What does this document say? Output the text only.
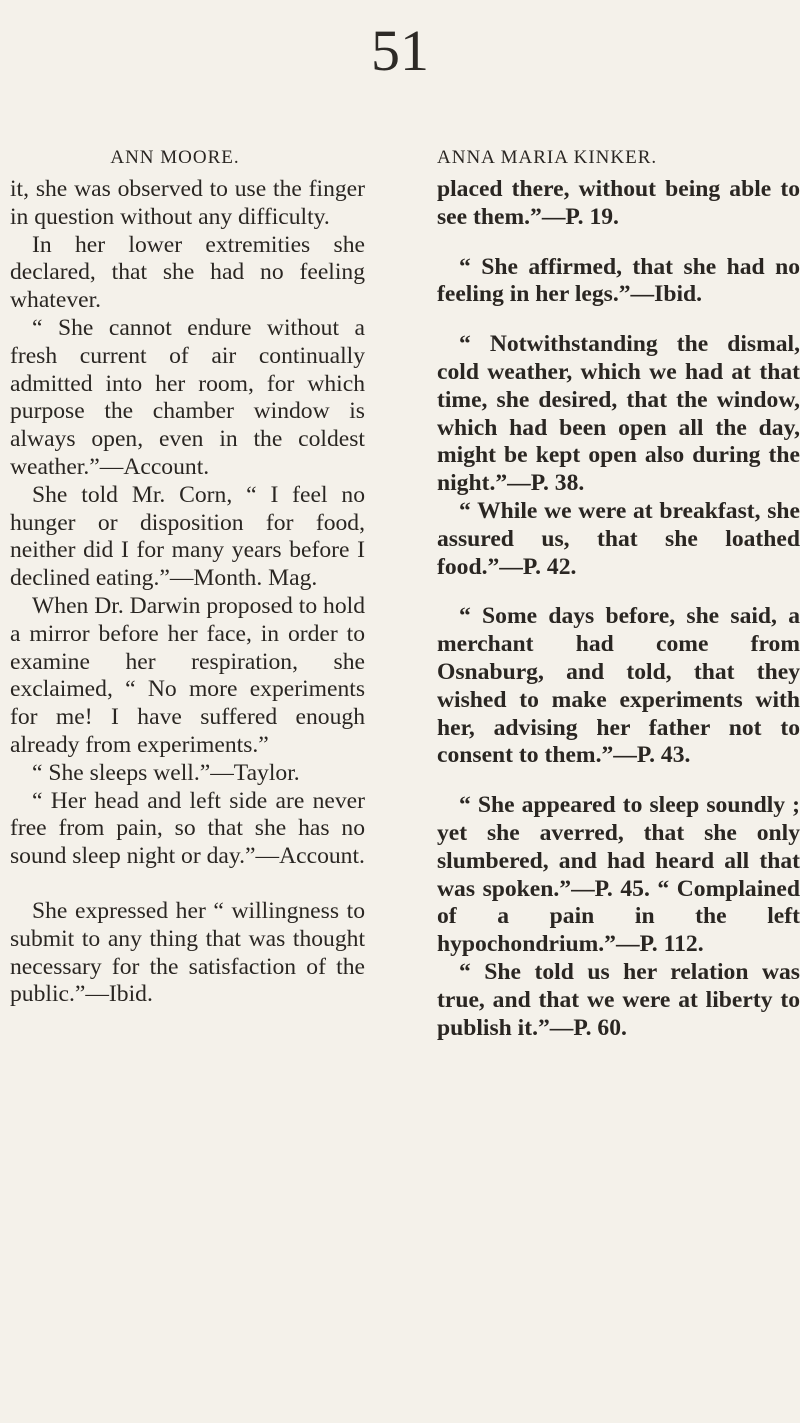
51
ANN MOORE.

it, she was observed to use the finger in question without any difficulty.

In her lower extremities she declared, that she had no feeling whatever.

“ She cannot endure without a fresh current of air continually admitted into her room, for which purpose the chamber window is always open, even in the coldest weather.”—Account.

She told Mr. Corn, “ I feel no hunger or disposition for food, neither did I for many years before I declined eating.”—Month. Mag.

When Dr. Darwin proposed to hold a mirror before her face, in order to examine her respiration, she exclaimed, “ No more experiments for me! I have suffered enough already from experiments.”

“ She sleeps well.”—Taylor.

“ Her head and left side are never free from pain, so that she has no sound sleep night or day.”—Account.

She expressed her “ willingness to submit to any thing that was thought necessary for the satisfaction of the public.”—Ibid.

ANNA MARIA KINKER.

placed there, without being able to see them.”—P. 19.

“ She affirmed, that she had no feeling in her legs.”—Ibid.

“ Notwithstanding the dismal, cold weather, which we had at that time, she desired, that the window, which had been open all the day, might be kept open also during the night.”—P. 38.

“ While we were at breakfast, she assured us, that she loathed food.”—P. 42.

“ Some days before, she said, a merchant had come from Osnaburg, and told, that they wished to make experiments with her, advising her father not to consent to them.”—P. 43.

“ She appeared to sleep soundly ; yet she averred, that she only slumbered, and had heard all that was spoken.”—P. 45. “ Complained of a pain in the left hypochondrium.”—P. 112.

“ She told us her relation was true, and that we were at liberty to publish it.”—P. 60.
